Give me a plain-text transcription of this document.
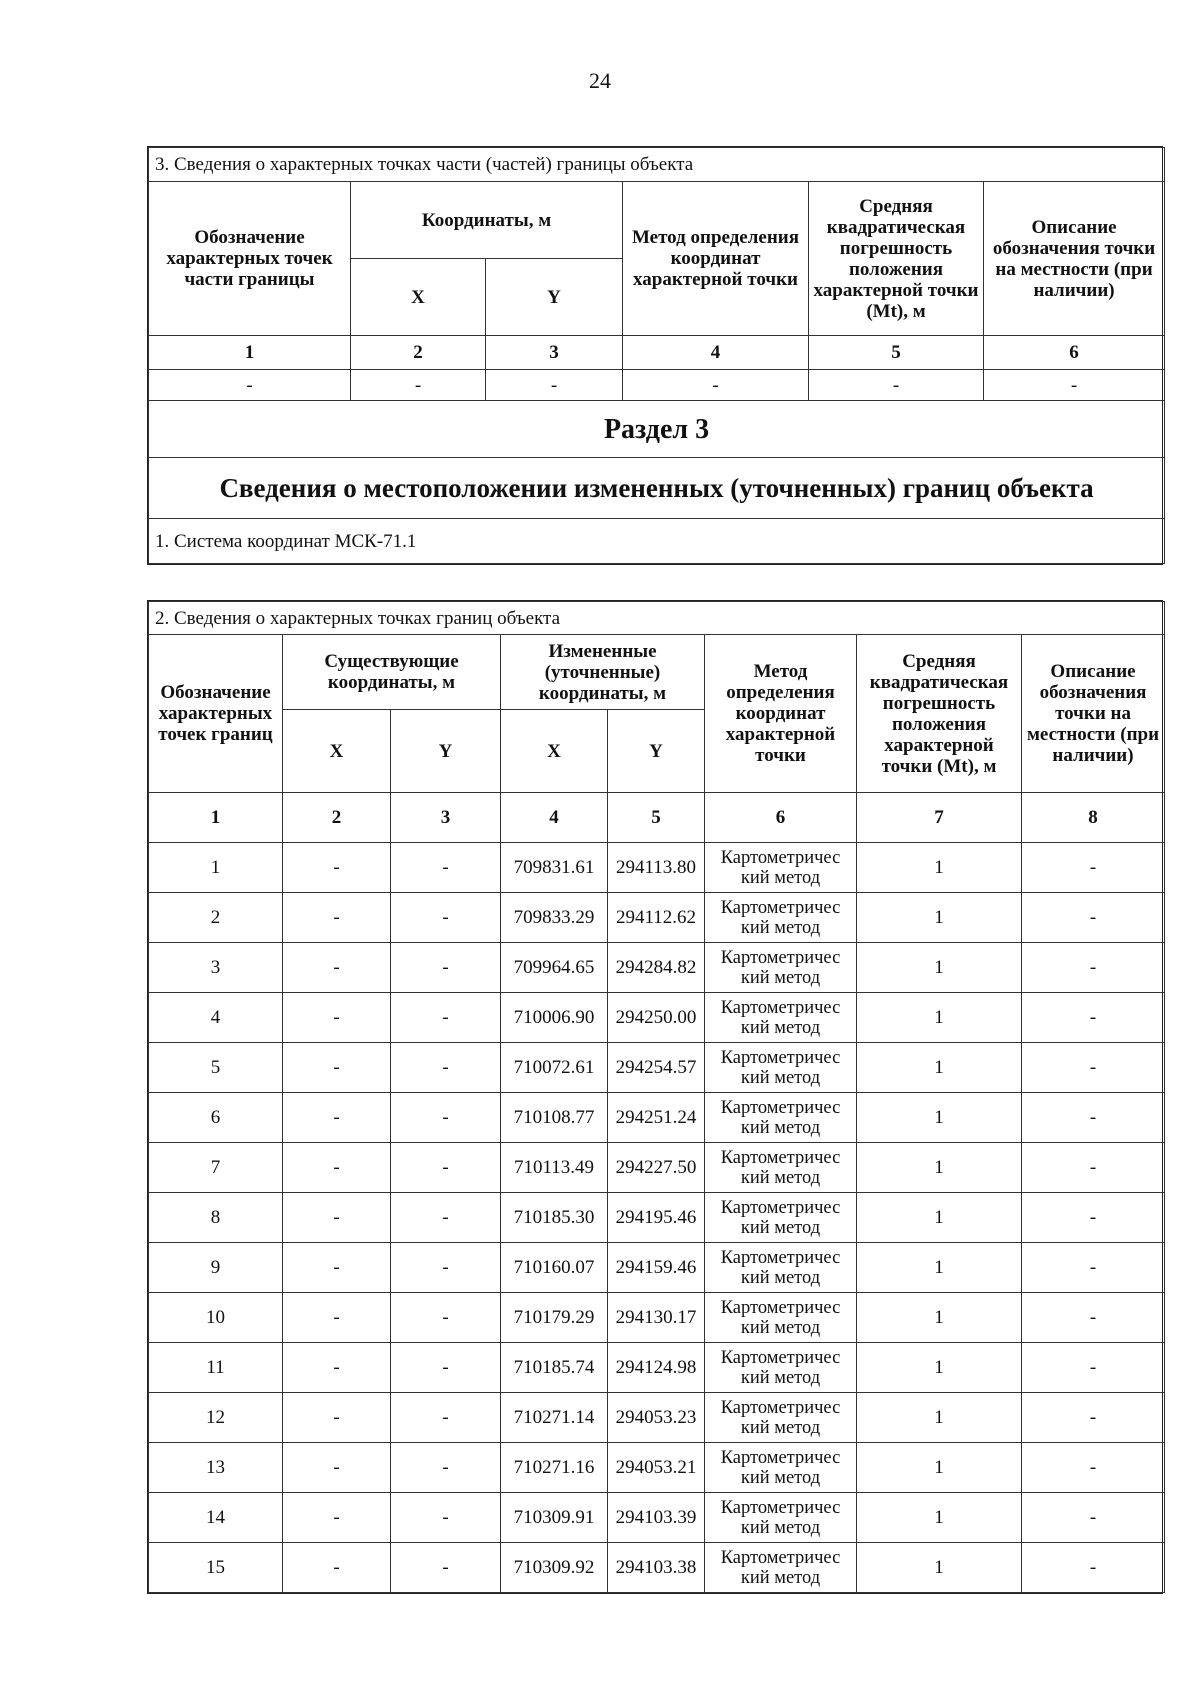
24
3. Сведения о характерных точках части (частей) границы объекта					
Обозначение характерных точек части границы	Координаты, м		Метод определения координат характерной точки	Средняя квадратическая погрешность положения характерной точки (Mt), м	Описание обозначения точки на местности (при наличии)
	X	Y			
1	2	3	4	5	6
-	-	-	-	-	-
Раздел 3					
Сведения о местоположении измененных (уточненных) границ объекта					
1. Система координат МСК-71.1					
2. Сведения о характерных точках границ объекта							
Обозначение характерных точек границ	Существующие координаты, м		Измененные (уточненные) координаты, м		Метод определения координат характерной точки	Средняя квадратическая погрешность положения характерной точки (Mt), м	Описание обозначения точки на местности (при наличии)
	X	Y	X	Y			
1	2	3	4	5	6	7	8
1	-	-	709831.61	294113.80	Картометричес кий метод	1	-
2	-	-	709833.29	294112.62	Картометричес кий метод	1	-
3	-	-	709964.65	294284.82	Картометричес кий метод	1	-
4	-	-	710006.90	294250.00	Картометричес кий метод	1	-
5	-	-	710072.61	294254.57	Картометричес кий метод	1	-
6	-	-	710108.77	294251.24	Картометричес кий метод	1	-
7	-	-	710113.49	294227.50	Картометричес кий метод	1	-
8	-	-	710185.30	294195.46	Картометричес кий метод	1	-
9	-	-	710160.07	294159.46	Картометричес кий метод	1	-
10	-	-	710179.29	294130.17	Картометричес кий метод	1	-
11	-	-	710185.74	294124.98	Картометричес кий метод	1	-
12	-	-	710271.14	294053.23	Картометричес кий метод	1	-
13	-	-	710271.16	294053.21	Картометричес кий метод	1	-
14	-	-	710309.91	294103.39	Картометричес кий метод	1	-
15	-	-	710309.92	294103.38	Картометричес кий метод	1	-
